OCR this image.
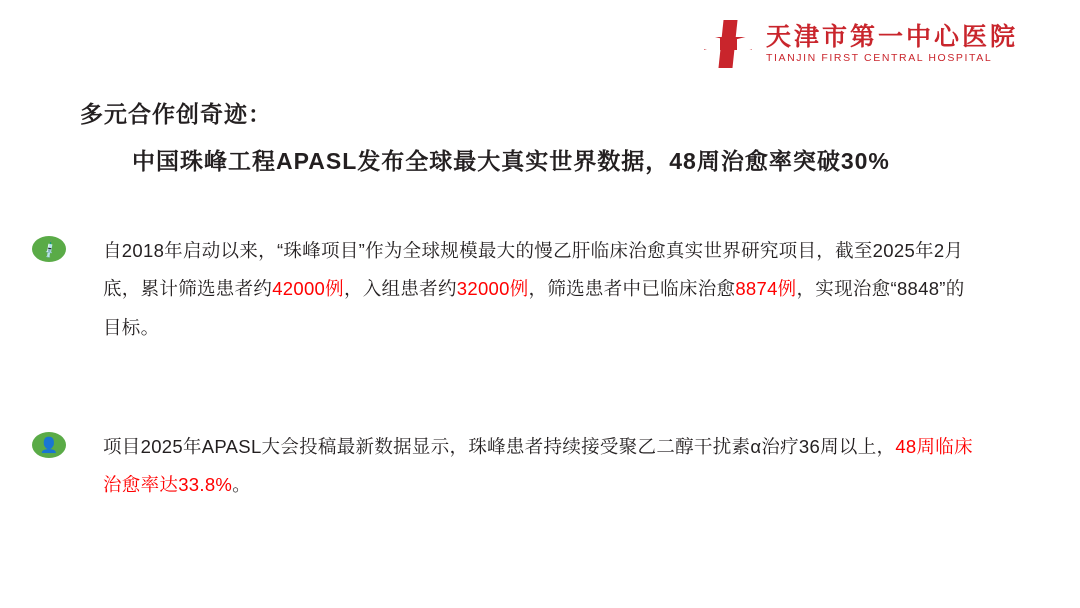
天津市第一中心医院
TIANJIN FIRST CENTRAL HOSPITAL
多元合作创奇迹：
中国珠峰工程APASL发布全球最大真实世界数据，48周治愈率突破30%
💉	自2018年启动以来，“珠峰项目”作为全球规模最大的慢乙肝临床治愈真实世界研究项目，截至2025年2月底，累计筛选患者约42000例，入组患者约32000例，筛选患者中已临床治愈8874例，实现治愈“8848”的目标。
👤	项目2025年APASL大会投稿最新数据显示，珠峰患者持续接受聚乙二醇干扰素α治疗36周以上，48周临床治愈率达33.8%。
